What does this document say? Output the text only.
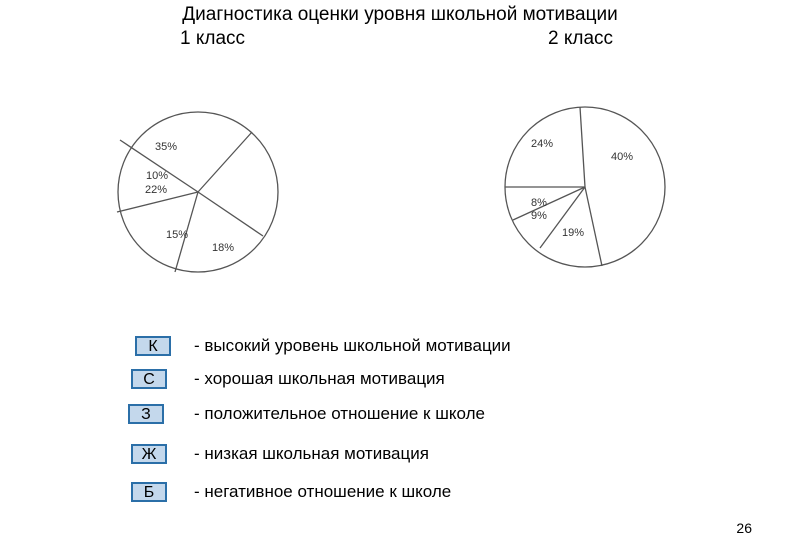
Диагностика оценки уровня школьной мотивации
1 класс	2 класс
35%
18%
15%
22%
10%
40%
19%
9%
8%
24%
К	- высокий уровень школьной мотивации
С	- хорошая школьная мотивация
З	- положительное отношение к школе
Ж	- низкая школьная мотивация
Б	- негативное отношение к школе
26
